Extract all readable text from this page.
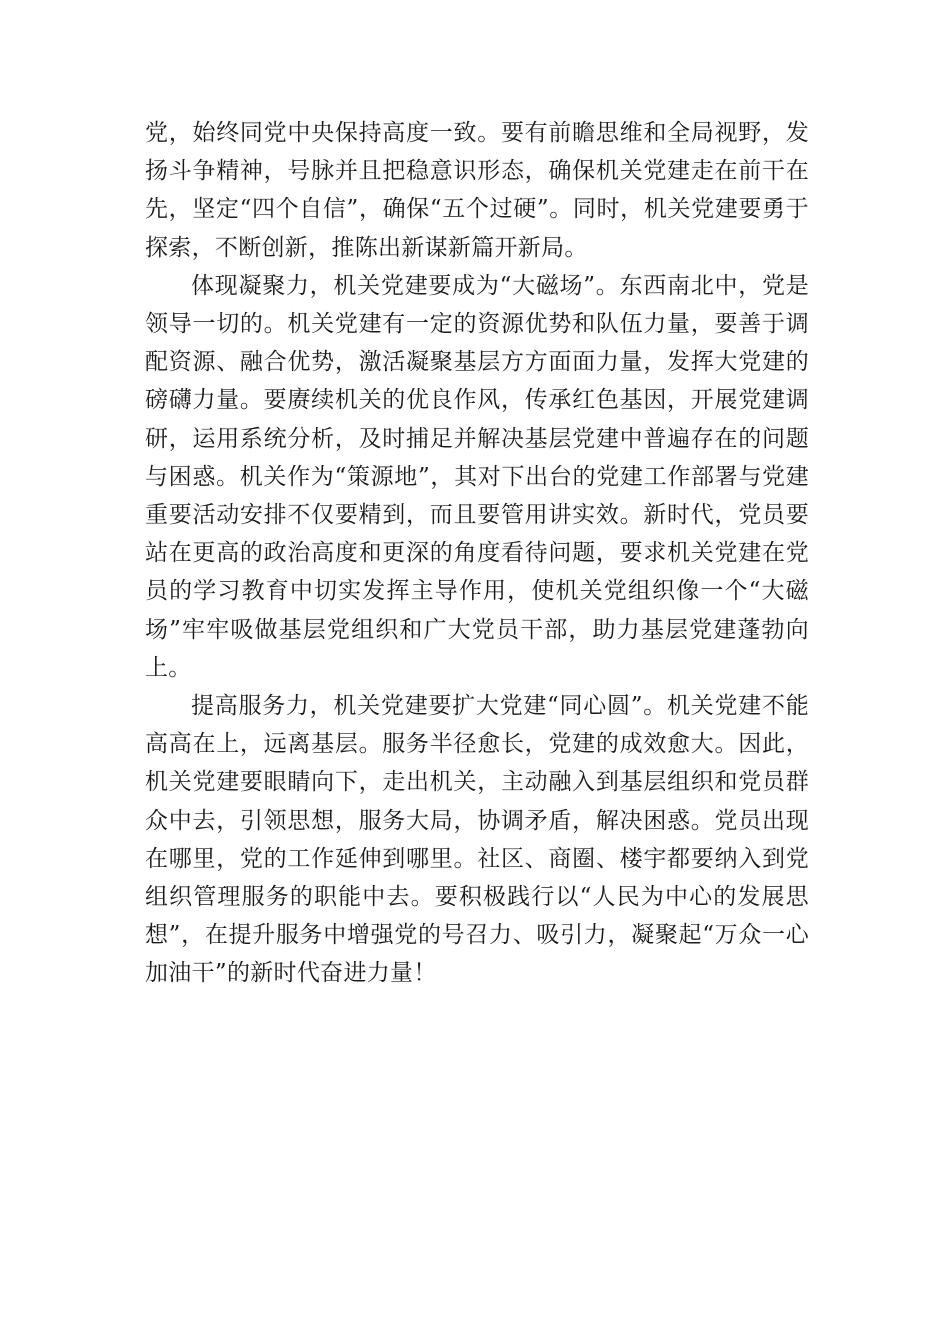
党，始终同党中央保持高度一致。要有前瞻思维和全局视野，发扬斗争精神，号脉并且把稳意识形态，确保机关党建走在前干在先，坚定“四个自信”，确保“五个过硬”。同时，机关党建要勇于探索，不断创新，推陈出新谋新篇开新局。

体现凝聚力，机关党建要成为“大磁场”。东西南北中，党是领导一切的。机关党建有一定的资源优势和队伍力量，要善于调配资源、融合优势，激活凝聚基层方方面面力量，发挥大党建的磅礴力量。要赓续机关的优良作风，传承红色基因，开展党建调研，运用系统分析，及时捕足并解决基层党建中普遍存在的问题与困惑。机关作为“策源地”，其对下出台的党建工作部署与党建重要活动安排不仅要精到，而且要管用讲实效。新时代，党员要站在更高的政治高度和更深的角度看待问题，要求机关党建在党员的学习教育中切实发挥主导作用，使机关党组织像一个“大磁场”牢牢吸做基层党组织和广大党员干部，助力基层党建蓬勃向上。

提高服务力，机关党建要扩大党建“同心圆”。机关党建不能高高在上，远离基层。服务半径愈长，党建的成效愈大。因此，机关党建要眼睛向下，走出机关，主动融入到基层组织和党员群众中去，引领思想，服务大局，协调矛盾，解决困惑。党员出现在哪里，党的工作延伸到哪里。社区、商圈、楼宇都要纳入到党组织管理服务的职能中去。要积极践行以“人民为中心的发展思想”，在提升服务中增强党的号召力、吸引力，凝聚起“万众一心加油干”的新时代奋进力量！
